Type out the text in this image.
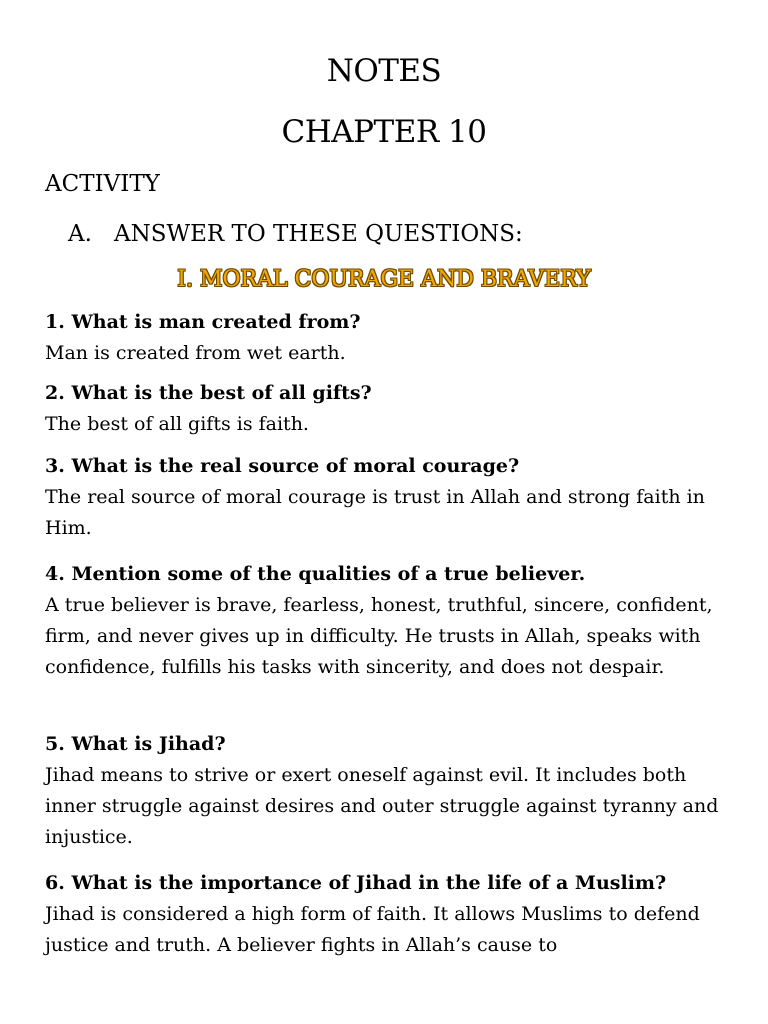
NOTES
CHAPTER 10
ACTIVITY
A. ANSWER TO THESE QUESTIONS:
I. MORAL COURAGE AND BRAVERY
1. What is man created from?
Man is created from wet earth.
2. What is the best of all gifts?
The best of all gifts is faith.
3. What is the real source of moral courage?
The real source of moral courage is trust in Allah and strong faith in Him.
4. Mention some of the qualities of a true believer.
A true believer is brave, fearless, honest, truthful, sincere, confident, firm, and never gives up in difficulty. He trusts in Allah, speaks with confidence, fulfills his tasks with sincerity, and does not despair.
5. What is Jihad?
Jihad means to strive or exert oneself against evil. It includes both inner struggle against desires and outer struggle against tyranny and injustice.
6. What is the importance of Jihad in the life of a Muslim?
Jihad is considered a high form of faith. It allows Muslims to defend justice and truth. A believer fights in Allah’s cause to
